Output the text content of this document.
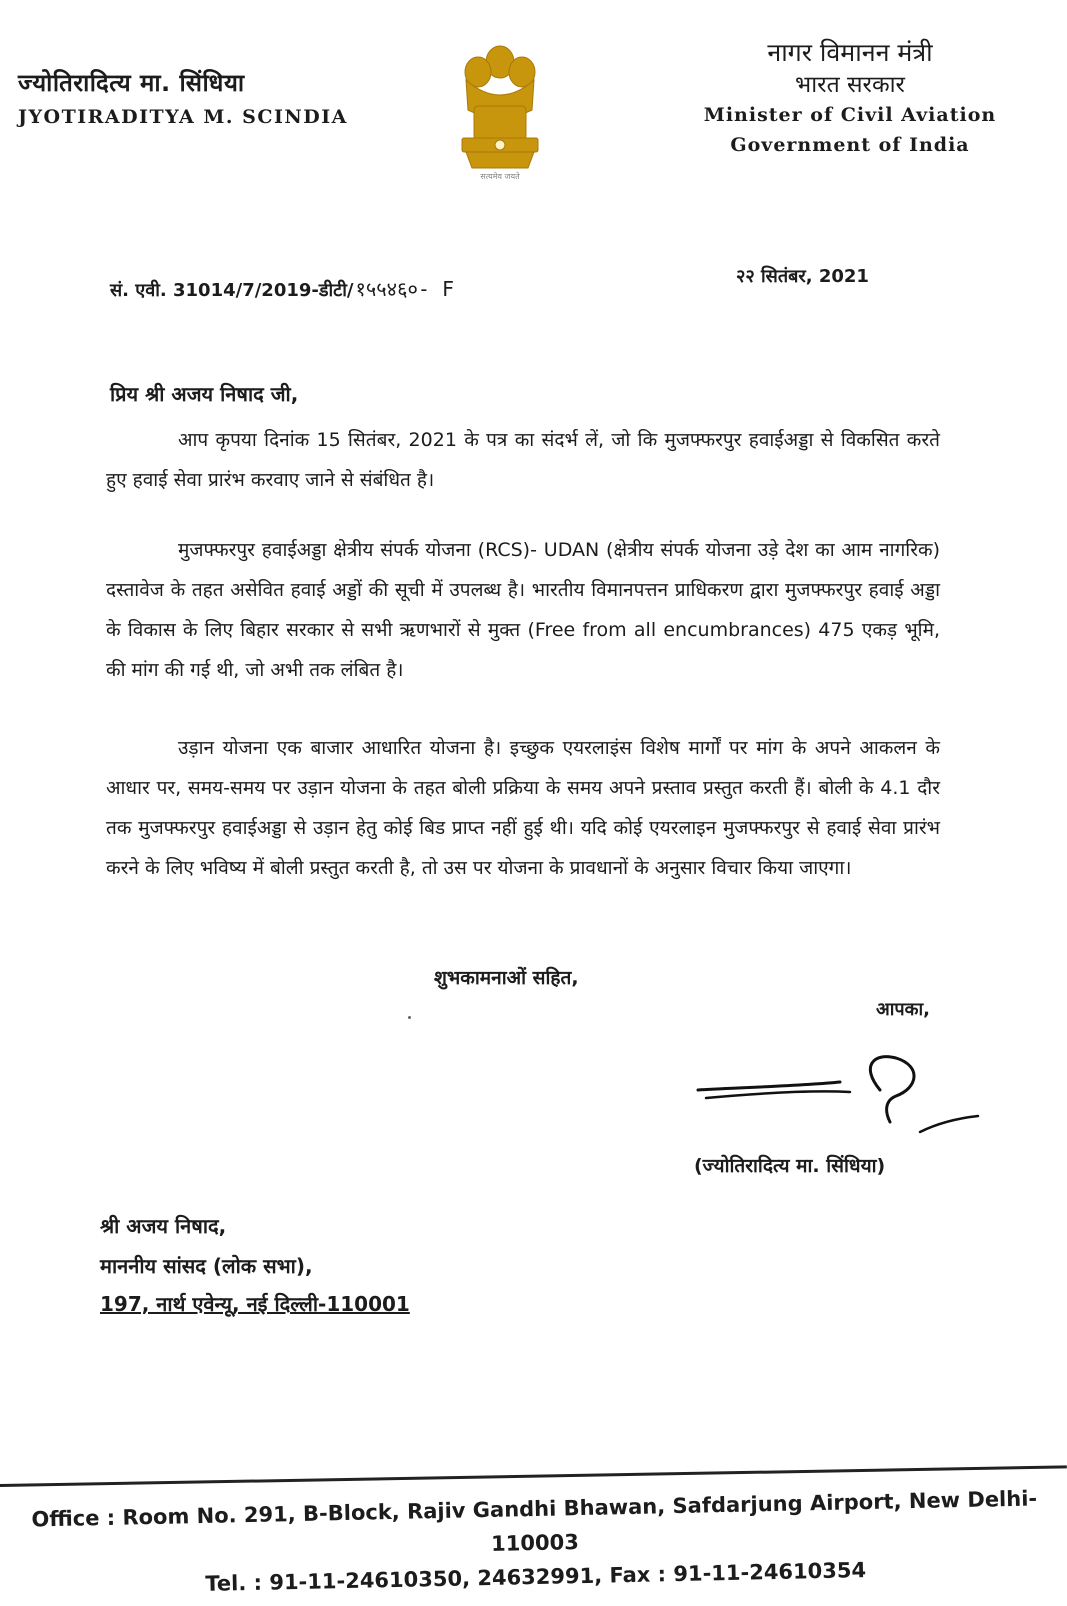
ज्योतिरादित्य मा. सिंधिया
JYOTIRADITYA M. SCINDIA
सत्यमेव जयते
नागर विमानन मंत्री
भारत सरकार
Minister of Civil Aviation
Government of India
सं. एवी. 31014/7/2019-डीटी/ १५५४६०- F
२२ सितंबर, 2021
प्रिय श्री अजय निषाद जी,
आप कृपया दिनांक 15 सितंबर, 2021 के पत्र का संदर्भ लें, जो कि मुजफ्फरपुर हवाईअड्डा से विकसित करते हुए हवाई सेवा प्रारंभ करवाए जाने से संबंधित है।
मुजफ्फरपुर हवाईअड्डा क्षेत्रीय संपर्क योजना (RCS)- UDAN (क्षेत्रीय संपर्क योजना उड़े देश का आम नागरिक) दस्तावेज के तहत असेवित हवाई अड्डों की सूची में उपलब्ध है। भारतीय विमानपत्तन प्राधिकरण द्वारा मुजफ्फरपुर हवाई अड्डा के विकास के लिए बिहार सरकार से सभी ऋणभारों से मुक्त (Free from all encumbrances) 475 एकड़ भूमि, की मांग की गई थी, जो अभी तक लंबित है।
उड़ान योजना एक बाजार आधारित योजना है। इच्छुक एयरलाइंस विशेष मार्गों पर मांग के अपने आकलन के आधार पर, समय-समय पर उड़ान योजना के तहत बोली प्रक्रिया के समय अपने प्रस्ताव प्रस्तुत करती हैं। बोली के 4.1 दौर तक मुजफ्फरपुर हवाईअड्डा से उड़ान हेतु कोई बिड प्राप्त नहीं हुई थी। यदि कोई एयरलाइन मुजफ्फरपुर से हवाई सेवा प्रारंभ करने के लिए भविष्य में बोली प्रस्तुत करती है, तो उस पर योजना के प्रावधानों के अनुसार विचार किया जाएगा।
शुभकामनाओं सहित,
आपका,
(ज्योतिरादित्य मा. सिंधिया)
श्री अजय निषाद,
माननीय सांसद (लोक सभा),
197, नार्थ एवेन्यू, नई दिल्ली-110001
Office : Room No. 291, B-Block, Rajiv Gandhi Bhawan, Safdarjung Airport, New Delhi-110003
Tel. : 91-11-24610350, 24632991, Fax : 91-11-24610354
